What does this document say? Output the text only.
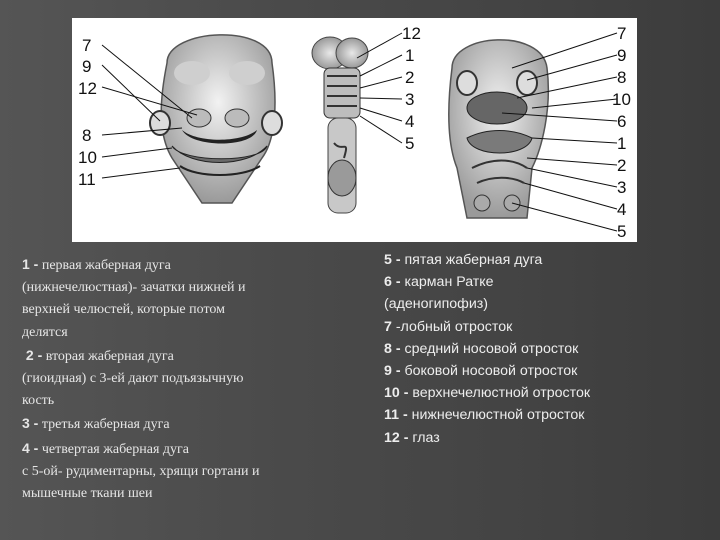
7
9
12
8
10
11
12
1
2
3
4
5
7
9
8
10
6
1
2
3
4
5
1 - первая жаберная дуга
(нижнечелюстная)- зачатки нижней и
верхней челюстей, которые потом
делятся
2 - вторая жаберная дуга
(гиоидная) с 3-ей дают подъязычную
кость
3 - третья жаберная дуга
4 - четвертая жаберная дуга
с 5-ой- рудиментарны, хрящи гортани и
мышечные ткани шеи
5 - пятая жаберная дуга
6 - карман Ратке
(аденогипофиз)
7 -лобный отросток
8 - средний носовой отросток
9 - боковой носовой отросток
10 - верхнечелюстной отросток
11 - нижнечелюстной отросток
12 - глаз
